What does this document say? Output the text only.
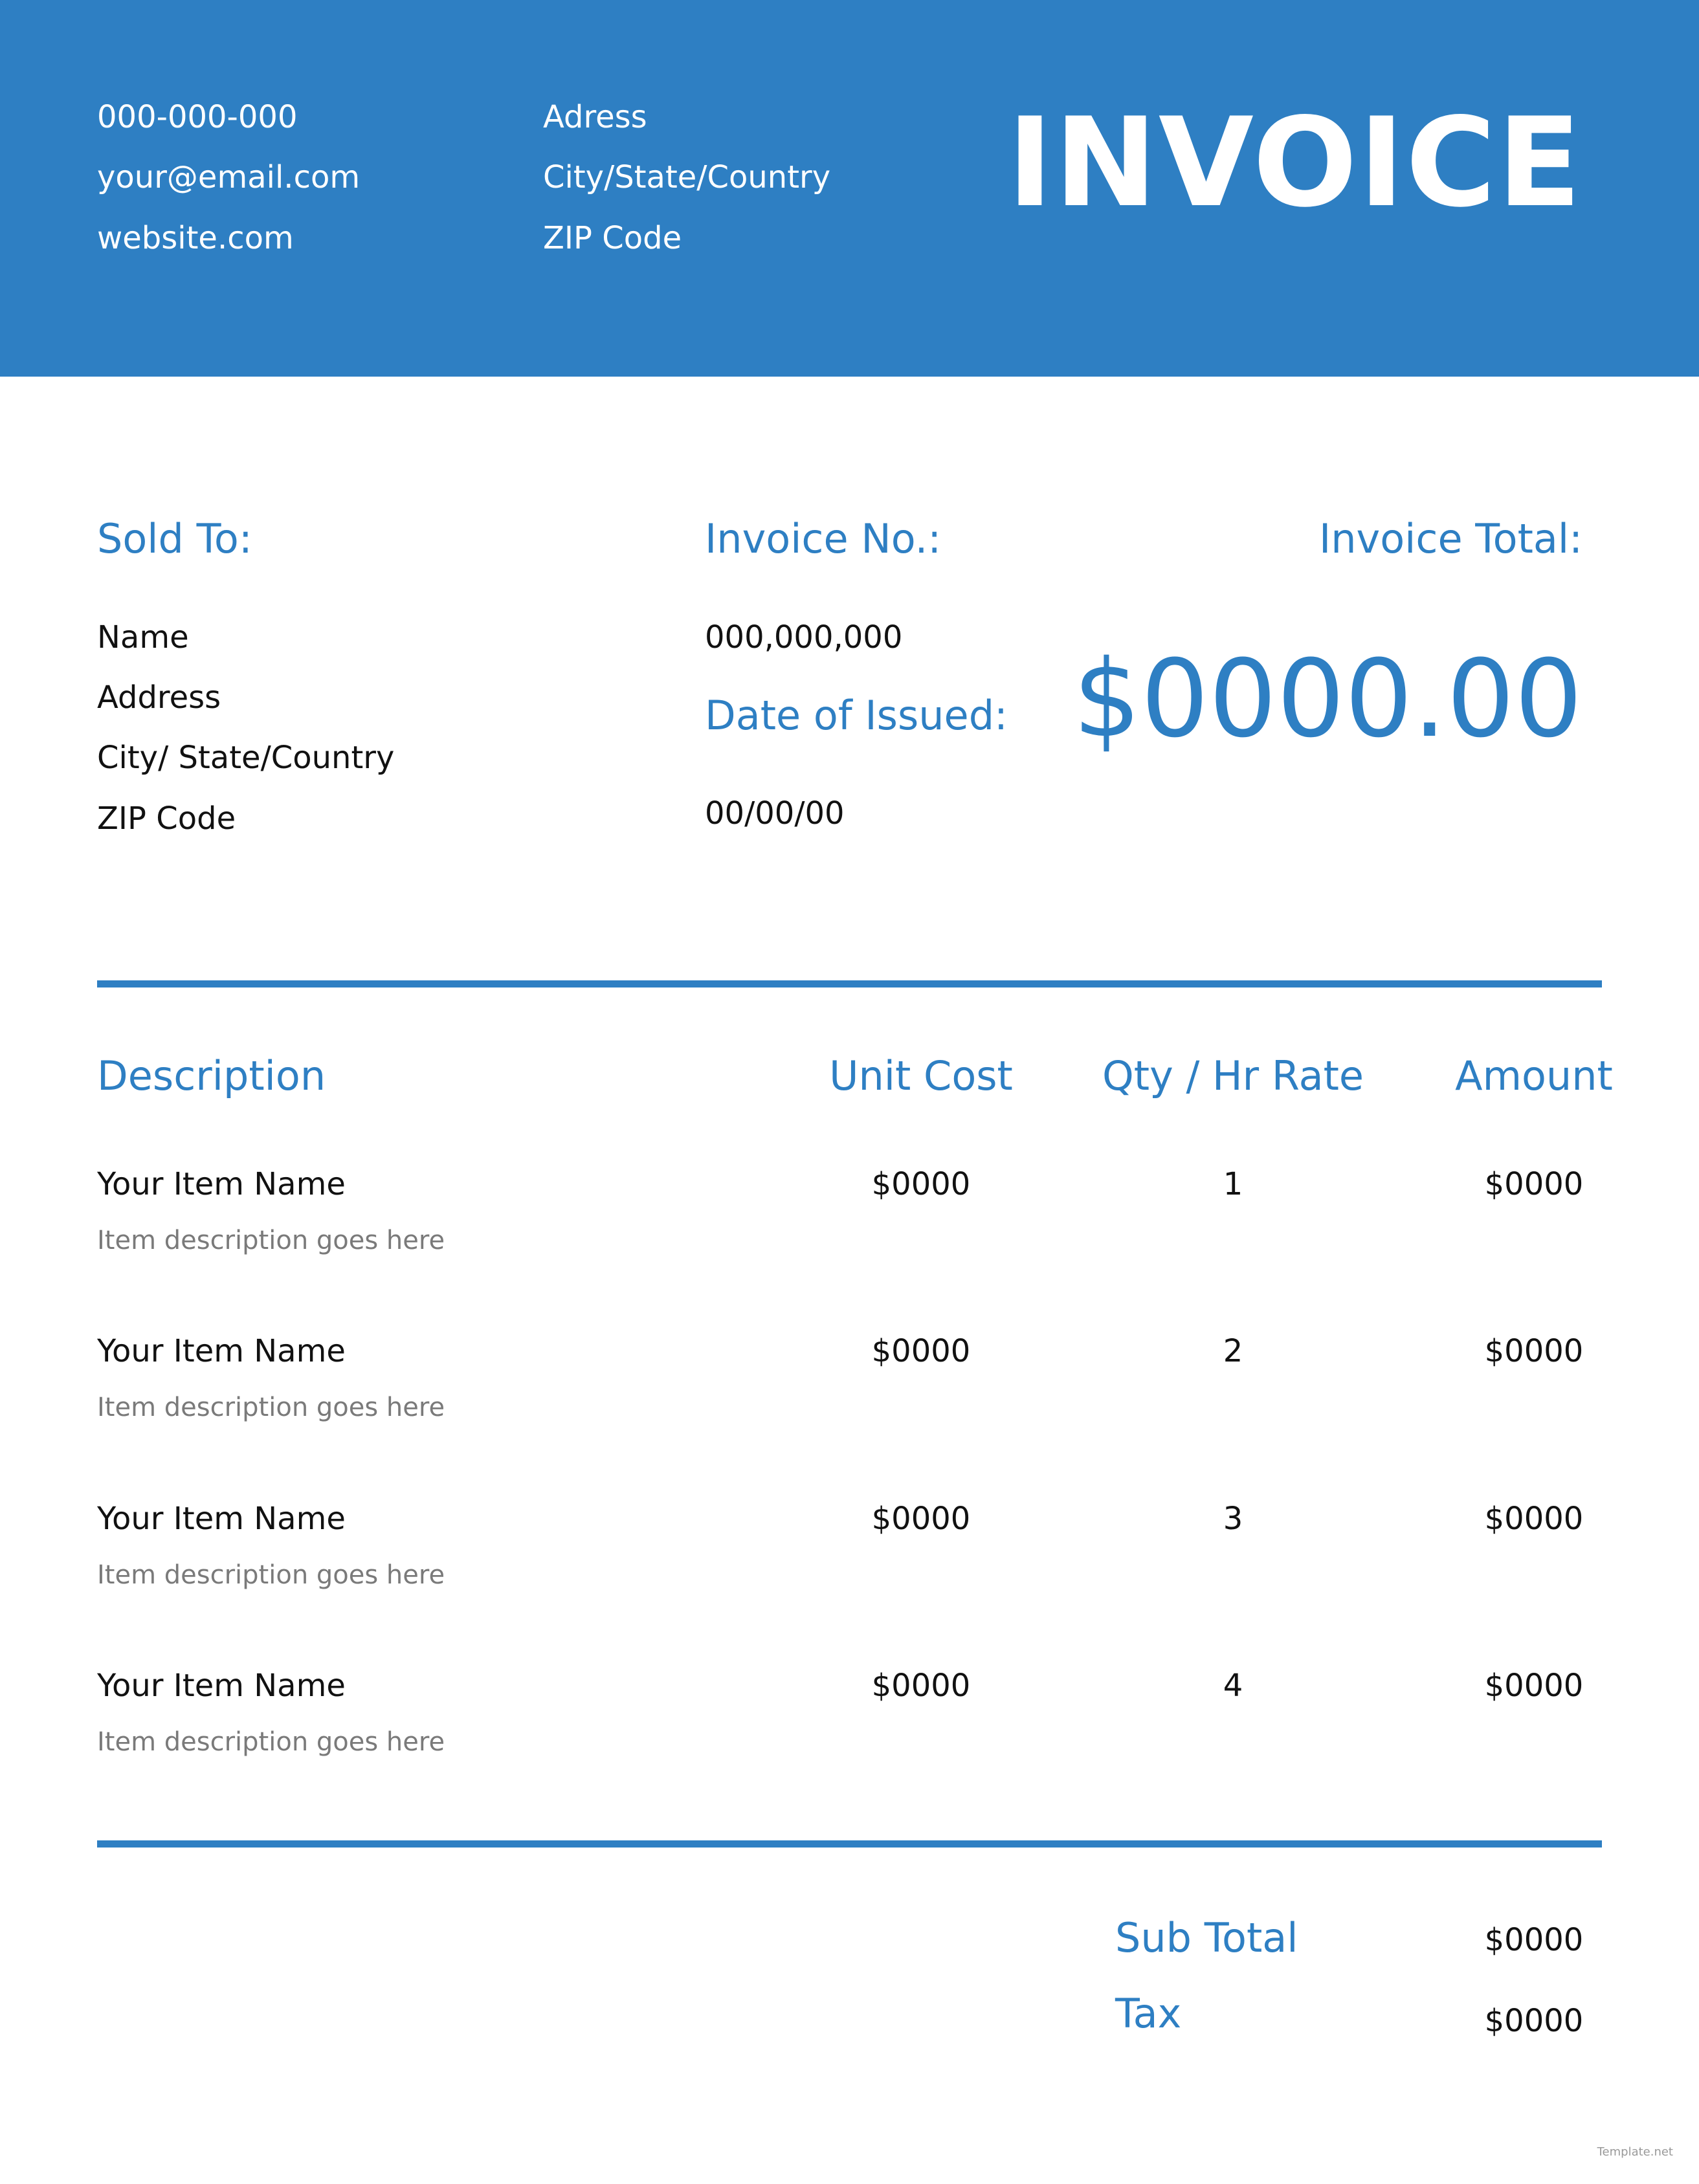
000-000-000
your@email.com
website.com
Adress
City/State/Country
ZIP Code
INVOICE
Sold To:
Name
Address
City/ State/Country
ZIP Code
Invoice No.:
000,000,000
Date of Issued:
00/00/00
Invoice Total:
$0000.00
Description	Unit Cost	Qty / Hr Rate	Amount
Your Item Name
Item description goes here
$0000	1	$0000
Your Item Name
Item description goes here
$0000	2	$0000
Your Item Name
Item description goes here
$0000	3	$0000
Your Item Name
Item description goes here
$0000	4	$0000
Sub Total	$0000
Tax	$0000
Template.net
